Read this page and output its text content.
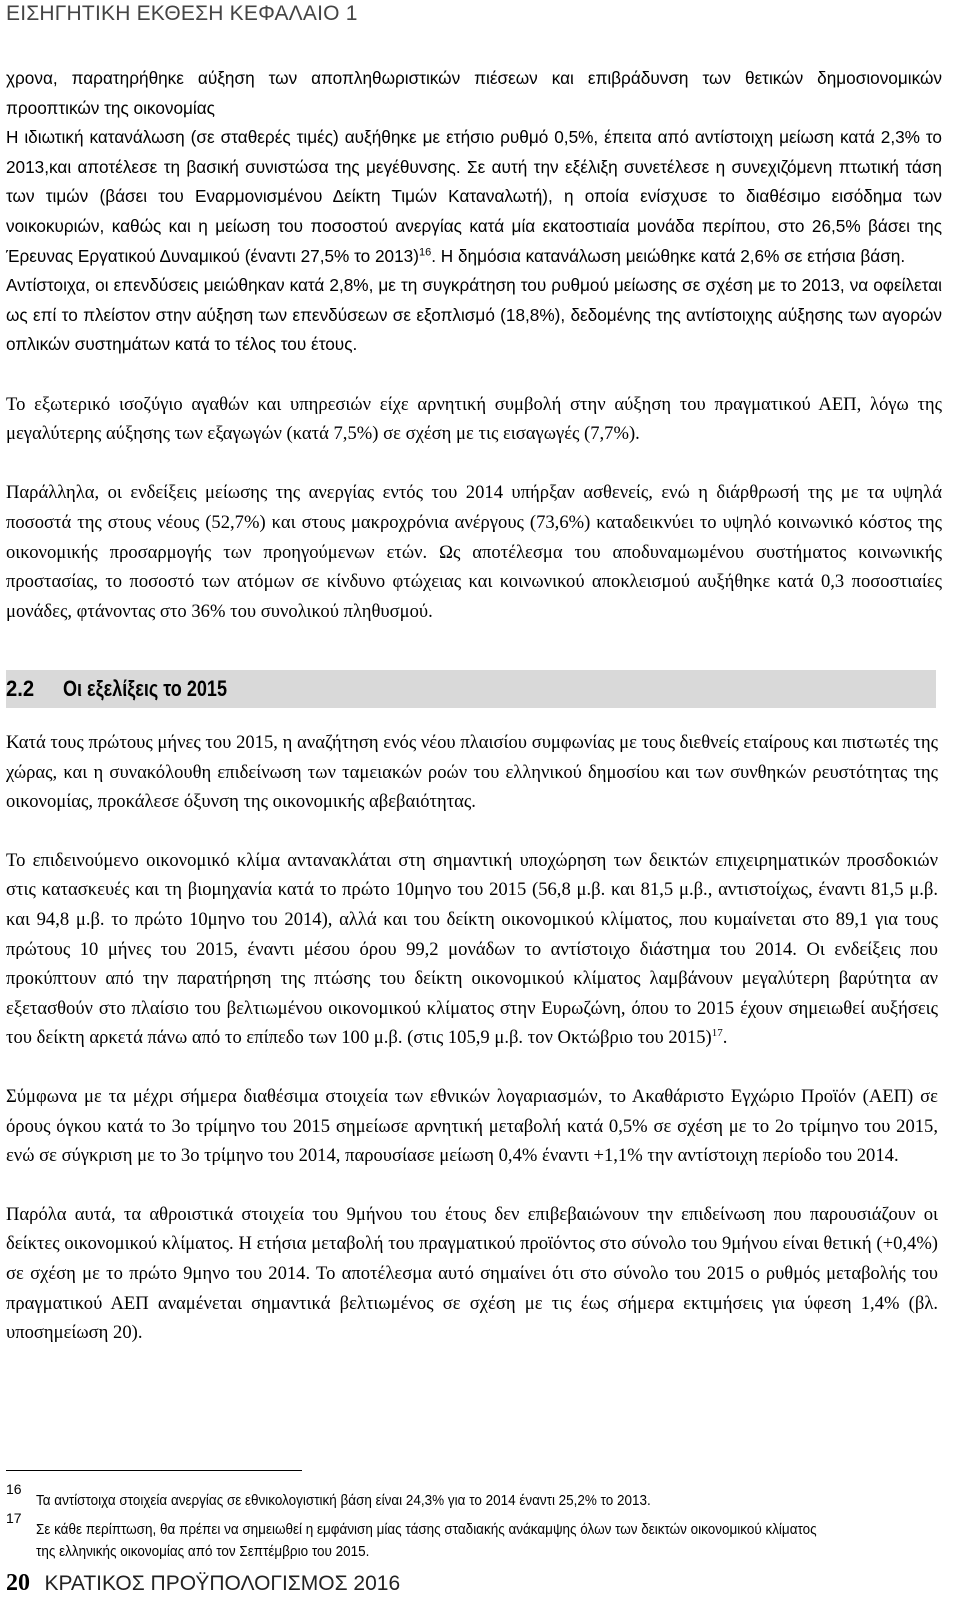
ΕΙΣΗΓΗΤΙΚΗ ΕΚΘΕΣΗ ΚΕΦΑΛΑΙΟ 1

χρονα, παρατηρήθηκε αύξηση των αποπληθωριστικών πιέσεων και επιβράδυνση των θετικών δημοσιονομικών προοπτικών της οικονομίας
Η ιδιωτική κατανάλωση (σε σταθερές τιμές) αυξήθηκε με ετήσιο ρυθμό 0,5%, έπειτα από αντίστοιχη μείωση κατά 2,3% το 2013,και αποτέλεσε τη βασική συνιστώσα της μεγέθυνσης. Σε αυτή την εξέλιξη συνετέλεσε η συνεχιζόμενη πτωτική τάση των τιμών (βάσει του Εναρμονισμένου Δείκτη Τιμών Καταναλωτή), η οποία ενίσχυσε το διαθέσιμο εισόδημα των νοικοκυριών, καθώς και η μείωση του ποσοστού ανεργίας κατά μία εκατοστιαία μονάδα περίπου, στο 26,5% βάσει της Έρευνας Εργατικού Δυναμικού (έναντι 27,5% το 2013)$^{16}$. Η δημόσια κατανάλωση μειώθηκε κατά 2,6% σε ετήσια βάση.
Αντίστοιχα, οι επενδύσεις μειώθηκαν κατά 2,8%, με τη συγκράτηση του ρυθμού μείωσης σε σχέση με το 2013, να οφείλεται ως επί το πλείστον στην αύξηση των επενδύσεων σε εξοπλισμό (18,8%), δεδομένης της αντίστοιχης αύξησης των αγορών οπλικών συστημάτων κατά το τέλος του έτους.

Το εξωτερικό ισοζύγιο αγαθών και υπηρεσιών είχε αρνητική συμβολή στην αύξηση του πραγματικού ΑΕΠ, λόγω της μεγαλύτερης αύξησης των εξαγωγών (κατά 7,5%) σε σχέση με τις εισαγωγές (7,7%).

Παράλληλα, οι ενδείξεις μείωσης της ανεργίας εντός του 2014 υπήρξαν ασθενείς, ενώ η διάρθρωσή της με τα υψηλά ποσοστά της στους νέους (52,7%) και στους μακροχρόνια ανέργους (73,6%) καταδεικνύει το υψηλό κοινωνικό κόστος της οικονομικής προσαρμογής των προηγούμενων ετών. Ως αποτέλεσμα του αποδυναμωμένου συστήματος κοινωνικής προστασίας, το ποσοστό των ατόμων σε κίνδυνο φτώχειας και κοινωνικού αποκλεισμού αυξήθηκε κατά 0,3 ποσοστιαίες μονάδες, φτάνοντας στο 36% του συνολικού πληθυσμού.

2.2 Οι εξελίξεις το 2015

Κατά τους πρώτους μήνες του 2015, η αναζήτηση ενός νέου πλαισίου συμφωνίας με τους διεθνείς εταίρους και πιστωτές της χώρας, και η συνακόλουθη επιδείνωση των ταμειακών ροών του ελληνικού δημοσίου και των συνθηκών ρευστότητας της οικονομίας, προκάλεσε όξυνση της οικονομικής αβεβαιότητας.

Το επιδεινούμενο οικονομικό κλίμα αντανακλάται στη σημαντική υποχώρηση των δεικτών επιχειρηματικών προσδοκιών στις κατασκευές και τη βιομηχανία κατά το πρώτο 10μηνο του 2015 (56,8 μ.β. και 81,5 μ.β., αντιστοίχως, έναντι 81,5 μ.β. και 94,8 μ.β. το πρώτο 10μηνο του 2014), αλλά και του δείκτη οικονομικού κλίματος, που κυμαίνεται στο 89,1 για τους πρώτους 10 μήνες του 2015, έναντι μέσου όρου 99,2 μονάδων το αντίστοιχο διάστημα του 2014. Οι ενδείξεις που προκύπτουν από την παρατήρηση της πτώσης του δείκτη οικονομικού κλίματος λαμβάνουν μεγαλύτερη βαρύτητα αν εξετασθούν στο πλαίσιο του βελτιωμένου οικονομικού κλίματος στην Ευρωζώνη, όπου το 2015 έχουν σημειωθεί αυξήσεις του δείκτη αρκετά πάνω από το επίπεδο των 100 μ.β. (στις 105,9 μ.β. τον Οκτώβριο του 2015)$^{17}$.

Σύμφωνα με τα μέχρι σήμερα διαθέσιμα στοιχεία των εθνικών λογαριασμών, το Ακαθάριστο Εγχώριο Προϊόν (ΑΕΠ) σε όρους όγκου κατά το 3ο τρίμηνο του 2015 σημείωσε αρνητική μεταβολή κατά 0,5% σε σχέση με το 2ο τρίμηνο του 2015, ενώ σε σύγκριση με το 3ο τρίμηνο του 2014, παρουσίασε μείωση 0,4% έναντι +1,1% την αντίστοιχη περίοδο του 2014.

Παρόλα αυτά, τα αθροιστικά στοιχεία του 9μήνου του έτους δεν επιβεβαιώνουν την επιδείνωση που παρουσιάζουν οι δείκτες οικονομικού κλίματος. Η ετήσια μεταβολή του πραγματικού προϊόντος στο σύνολο του 9μήνου είναι θετική (+0,4%) σε σχέση με το πρώτο 9μηνο του 2014. Το αποτέλεσμα αυτό σημαίνει ότι στο σύνολο του 2015 ο ρυθμός μεταβολής του πραγματικού ΑΕΠ αναμένεται σημαντικά βελτιωμένος σε σχέση με τις έως σήμερα εκτιμήσεις για ύφεση 1,4% (βλ. υποσημείωση 20).

16
Τα αντίστοιχα στοιχεία ανεργίας σε εθνικολογιστική βάση είναι 24,3% για το 2014 έναντι 25,2% το 2013.
17
Σε κάθε περίπτωση, θα πρέπει να σημειωθεί η εμφάνιση μίας τάσης σταδιακής ανάκαμψης όλων των δεικτών οικονομικού κλίματος
της ελληνικής οικονομίας από τον Σεπτέμβριο του 2015.
20 ΚΡΑΤΙΚΟΣ ΠΡΟΫΠΟΛΟΓΙΣΜΟΣ 2016
